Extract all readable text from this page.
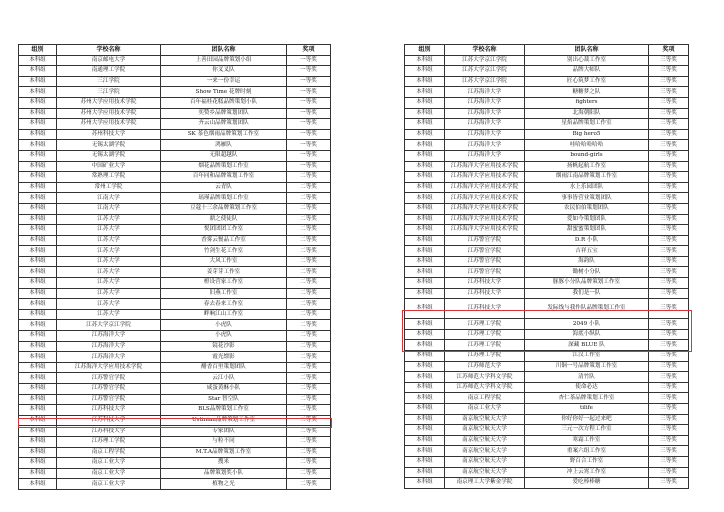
组别	学校名称	团队名称	奖项
本科组	南京邮电大学	上善田园品牌策划小组	一等奖
本科组	南通理工学院	你叉叉队	一等奖
本科组	三江学院	一来一份幸运	一等奖
本科组	三江学院	Show Time 花牌时刻	一等奖
本科组	苏州大学应用技术学院	百年福桂花糕品牌策划小队	一等奖
本科组	苏州大学应用技术学院	奕赞乡品牌策划团队	一等奖
本科组	苏州大学应用技术学院	齐云山品牌策划团队	一等奖
本科组	苏州科技大学	SK 茶色烟雨品牌策划工作室	一等奖
本科组	无锡太湖学院	鸿雁队	一等奖
本科组	无锡太湖学院	无限超越队	一等奖
本科组	中国矿业大学	烟花品牌策划工作室	一等奖
本科组	常熟理工学院	百年同和品牌策划工作室	二等奖
本科组	常州工学院	云青队	二等奖
本科组	江南大学	瑶瑾品牌策划工作室	二等奖
本科组	江南大学	豆蔻十三余品牌策划工作室	二等奖
本科组	江苏大学	鼎之使徒队	二等奖
本科组	江苏大学	悦团团团工作室	二等奖
本科组	江苏大学	香雾云鬟品工作室	二等奖
本科组	江苏大学	竹剑生花工作室	二等奖
本科组	江苏大学	大风工作室	二等奖
本科组	江苏大学	姜芽芽工作室	二等奖
本科组	江苏大学	橙设营家工作室	二等奖
本科组	江苏大学	旧燕工作室	二等奖
本科组	江苏大学	春去春来工作室	二等奖
本科组	江苏大学	畔晌江山工作室	二等奖
本科组	江苏大学京江学院	小虎队	二等奖
本科组	江苏海洋大学	小虎队	二等奖
本科组	江苏海洋大学	镜花沙影	二等奖
本科组	江苏海洋大学	霞光缥影	二等奖
本科组	江苏海洋大学应用技术学院	醋香百里策划团队	二等奖
本科组	江苏警官学院	云江小队	二等奖
本科组	江苏警官学院	咸蛋黄酥小队	二等奖
本科组	江苏警官学院	Star 智空队	二等奖
本科组	江苏科技大学	BLS品牌策划工作室	二等奖
本科组	江苏科技大学	Ustinian品牌策划工作室	二等奖
本科组	江苏科技大学	专家团队	二等奖
本科组	江苏理工学院	与粒不同	二等奖
本科组	南京工程学院	M.T.A品牌策划工作室	二等奖
本科组	南京工业大学	搜米	二等奖
本科组	南京工业大学	品牌策划奖小队	二等奖
本科组	南京工业大学	植物之光	二等奖
组别	学校名称	团队名称	奖项
本科组	江苏大学京江学院	别出心裁工作室	三等奖
本科组	江苏大学京江学院	品牌大师队	三等奖
本科组	江苏大学京江学院	匠心筑梦工作室	三等奖
本科组	江苏海洋大学	糖糖梦之队	三等奖
本科组	江苏海洋大学	fighters	三等奖
本科组	江苏海洋大学	北海朝阳队	三等奖
本科组	江苏海洋大学	星焰品牌策划工作室	三等奖
本科组	江苏海洋大学	Big hero5	三等奖
本科组	江苏海洋大学	哇哈哈哈哈哈	三等奖
本科组	江苏海洋大学	bound-girls	三等奖
本科组	江苏海洋大学应用技术学院	扬帆起航工作室	三等奖
本科组	江苏海洋大学应用技术学院	烟雨江南品牌策划工作室	三等奖
本科组	江苏海洋大学应用技术学院	水上乐园团队	三等奖
本科组	江苏海洋大学应用技术学院	事事皆营业策划团队	三等奖
本科组	江苏海洋大学应用技术学院	农民伯伯策划团队	三等奖
本科组	江苏海洋大学应用技术学院	爱如今策划团队	三等奖
本科组	江苏海洋大学应用技术学院	甜蜜蜜策划团队	三等奖
本科组	江苏警官学院	D.R 小队	三等奖
本科组	江苏警官学院	吉祥五宝	三等奖
本科组	江苏警官学院	海韵队	三等奖
本科组	江苏警官学院	锄树小分队	三等奖
本科组	江苏科技大学	豚豚小分队品牌策划工作室	三等奖
本科组	江苏科技大学	我们是一队	三等奖
本科组	江苏科技大学	发际线与我作队品牌策划工作室	三等奖
本科组	江苏理工学院	2049 小队	三等奖
本科组	江苏理工学院	海底小纵队	三等奖
本科组	江苏理工学院	深藏 BLUE 队	三等奖
本科组	江苏理工学院	江汉工作室	三等奖
本科组	江苏师范大学	川铜一号品牌策划工作室	三等奖
本科组	江苏师范大学科文学院	清竹队	三等奖
本科组	江苏师范大学科文学院	使命必达	三等奖
本科组	南京工程学院	杏仁茶品牌策划工作室	三等奖
本科组	南京工业大学	tilife	三等奖
本科组	南京航空航天大学	你好你好一起过来吧	三等奖
本科组	南京航空航天大学	三元一次方程工作室	三等奖
本科组	南京航空航天大学	寒霜工作室	三等奖
本科组	南京航空航天大学	重案六组工作室	三等奖
本科组	南京航空航天大学	野百合工作室	三等奖
本科组	南京航空航天大学	冲上云霄工作室	三等奖
本科组	南京理工大学紫金学院	爱吃棒棒糖	三等奖
